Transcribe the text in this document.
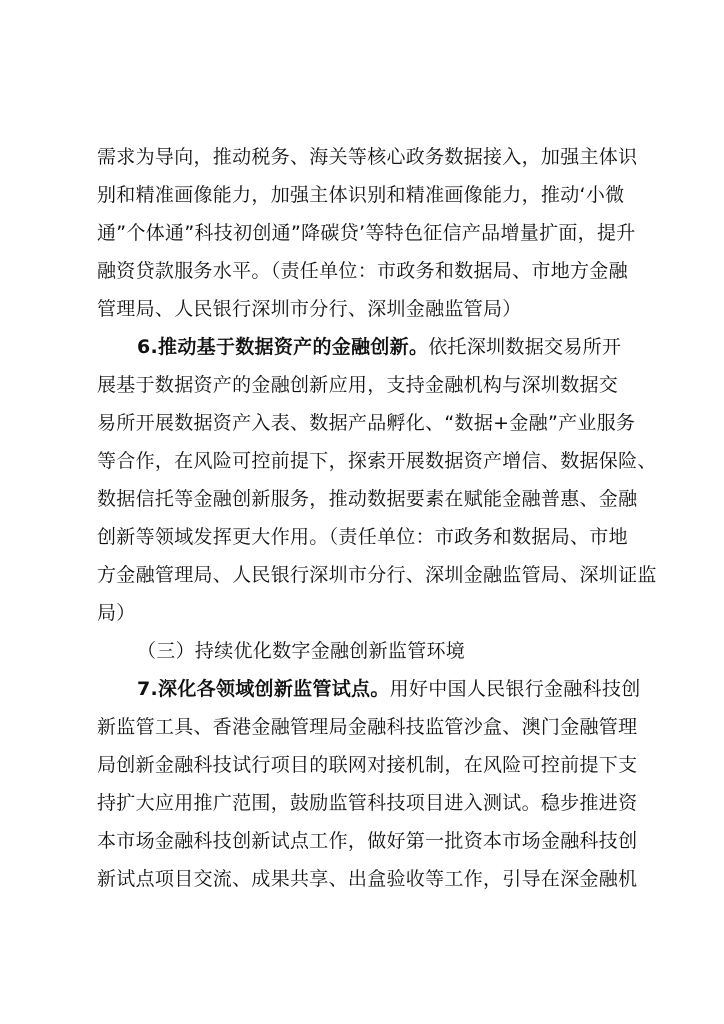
需求为导向，推动税务、海关等核心政务数据接入，加强主体识
别和精准画像能力，加强主体识别和精准画像能力，推动‘小微
通”个体通”科技初创通”降碳贷’等特色征信产品增量扩面，提升
融资贷款服务水平。（责任单位：市政务和数据局、市地方金融
管理局、人民银行深圳市分行、深圳金融监管局）
6.推动基于数据资产的金融创新。依托深圳数据交易所开
展基于数据资产的金融创新应用，支持金融机构与深圳数据交
易所开展数据资产入表、数据产品孵化、“数据+金融”产业服务
等合作，在风险可控前提下，探索开展数据资产增信、数据保险、
数据信托等金融创新服务，推动数据要素在赋能金融普惠、金融
创新等领域发挥更大作用。（责任单位：市政务和数据局、市地
方金融管理局、人民银行深圳市分行、深圳金融监管局、深圳证监
局）
（三）持续优化数字金融创新监管环境
7.深化各领域创新监管试点。用好中国人民银行金融科技创
新监管工具、香港金融管理局金融科技监管沙盒、澳门金融管理
局创新金融科技试行项目的联网对接机制，在风险可控前提下支
持扩大应用推广范围，鼓励监管科技项目进入测试。稳步推进资
本市场金融科技创新试点工作，做好第一批资本市场金融科技创
新试点项目交流、成果共享、出盒验收等工作，引导在深金融机
